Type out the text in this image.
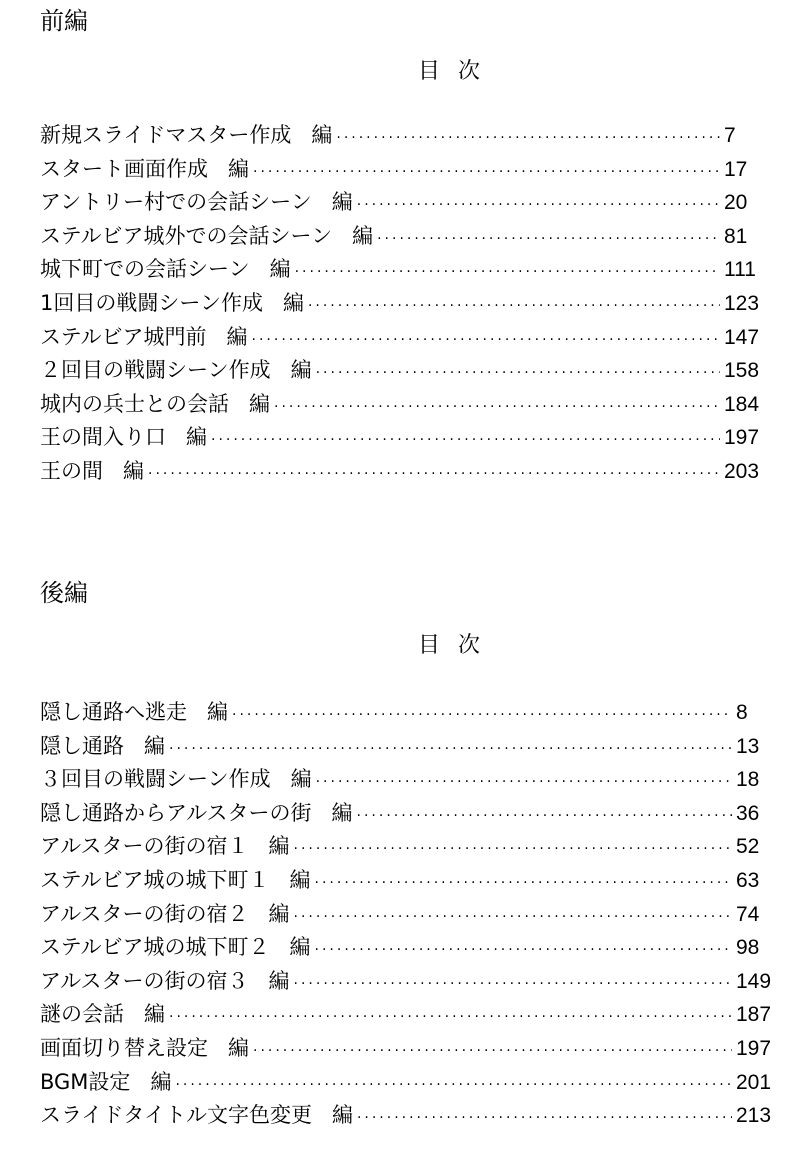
前編
目次
新規スライドマスター作成 編 ·····	7
スタート画面作成 編 ·····	17
アントリー村での会話シーン 編 ·····	20
ステルビア城外での会話シーン 編 ·····	81
城下町での会話シーン 編 ·····	111
1回目の戦闘シーン作成 編 ·····	123
ステルビア城門前 編 ·····	147
２回目の戦闘シーン作成 編 ·····	158
城内の兵士との会話 編 ·····	184
王の間入り口 編 ·····	197
王の間 編 ·····	203
後編
目次
隠し通路へ逃走 編 ·····	8
隠し通路 編 ·····	13
３回目の戦闘シーン作成 編 ·····	18
隠し通路からアルスターの街 編 ·····	36
アルスターの街の宿１ 編 ·····	52
ステルビア城の城下町１ 編 ·····	63
アルスターの街の宿２ 編 ·····	74
ステルビア城の城下町２ 編 ·····	98
アルスターの街の宿３ 編 ·····	149
謎の会話 編 ·····	187
画面切り替え設定 編 ·····	197
BGM設定 編 ·····	201
スライドタイトル文字色変更 編 ·····	213
